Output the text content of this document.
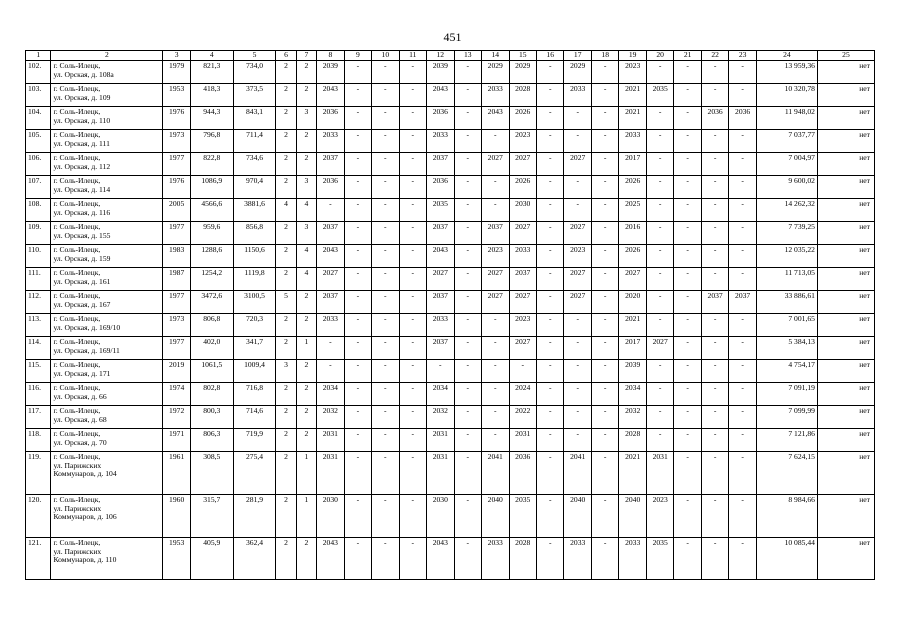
451
1	2	3	4	5	6	7	8	9	10	11	12	13	14	15	16	17	18	19	20	21	22	23	24	25
102.	г. Соль-Илецк,
ул. Орская, д. 108а	1979	821,3	734,0	2	2	2039	-	-	-	2039	-	2029	2029	-	2029	-	2023	-	-	-	-	13 959,36	нет
103.	г. Соль-Илецк,
ул. Орская, д. 109	1953	418,3	373,5	2	2	2043	-	-	-	2043	-	2033	2028	-	2033	-	2021	2035	-	-	-	10 320,78	нет
104.	г. Соль-Илецк,
ул. Орская, д. 110	1976	944,3	843,1	2	3	2036	-	-	-	2036	-	2043	2026	-	-	-	2021	-	-	2036	2036	11 948,02	нет
105.	г. Соль-Илецк,
ул. Орская, д. 111	1973	796,8	711,4	2	2	2033	-	-	-	2033	-	-	2023	-	-	-	2033	-	-	-	-	7 037,77	нет
106.	г. Соль-Илецк,
ул. Орская, д. 112	1977	822,8	734,6	2	2	2037	-	-	-	2037	-	2027	2027	-	2027	-	2017	-	-	-	-	7 004,97	нет
107.	г. Соль-Илецк,
ул. Орская, д. 114	1976	1086,9	970,4	2	3	2036	-	-	-	2036	-	-	2026	-	-	-	2026	-	-	-	-	9 600,02	нет
108.	г. Соль-Илецк,
ул. Орская, д. 116	2005	4566,6	3881,6	4	4	-	-	-	-	2035	-	-	2030	-	-	-	2025	-	-	-	-	14 262,32	нет
109.	г. Соль-Илецк,
ул. Орская, д. 155	1977	959,6	856,8	2	3	2037	-	-	-	2037	-	2037	2027	-	2027	-	2016	-	-	-	-	7 739,25	нет
110.	г. Соль-Илецк,
ул. Орская, д. 159	1983	1288,6	1150,6	2	4	2043	-	-	-	2043	-	2023	2033	-	2023	-	2026	-	-	-	-	12 035,22	нет
111.	г. Соль-Илецк,
ул. Орская, д. 161	1987	1254,2	1119,8	2	4	2027	-	-	-	2027	-	2027	2037	-	2027	-	2027	-	-	-	-	11 713,05	нет
112.	г. Соль-Илецк,
ул. Орская, д. 167	1977	3472,6	3100,5	5	2	2037	-	-	-	2037	-	2027	2027	-	2027	-	2020	-	-	2037	2037	33 886,61	нет
113.	г. Соль-Илецк,
ул. Орская, д. 169/10	1973	806,8	720,3	2	2	2033	-	-	-	2033	-	-	2023	-	-	-	2021	-	-	-	-	7 001,65	нет
114.	г. Соль-Илецк,
ул. Орская, д. 169/11	1977	402,0	341,7	2	1	-	-	-	-	2037	-	-	2027	-	-	-	2017	2027	-	-	-	5 384,13	нет
115.	г. Соль-Илецк,
ул. Орская, д. 171	2019	1061,5	1009,4	3	2	-	-	-	-	-	-	-	-	-	-	-	2039	-	-	-	-	4 754,17	нет
116.	г. Соль-Илецк,
ул. Орская, д. 66	1974	802,8	716,8	2	2	2034	-	-	-	2034	-	-	2024	-	-	-	2034	-	-	-	-	7 091,19	нет
117.	г. Соль-Илецк,
ул. Орская, д. 68	1972	800,3	714,6	2	2	2032	-	-	-	2032	-	-	2022	-	-	-	2032	-	-	-	-	7 099,99	нет
118.	г. Соль-Илецк,
ул. Орская, д. 70	1971	806,3	719,9	2	2	2031	-	-	-	2031	-	-	2031	-	-	-	2028	-	-	-	-	7 121,86	нет
119.	г. Соль-Илецк,
ул. Парижских
Коммунаров, д. 104	1961	308,5	275,4	2	1	2031	-	-	-	2031	-	2041	2036	-	2041	-	2021	2031	-	-	-	7 624,15	нет
120.	г. Соль-Илецк,
ул. Парижских
Коммунаров, д. 106	1960	315,7	281,9	2	1	2030	-	-	-	2030	-	2040	2035	-	2040	-	2040	2023	-	-	-	8 984,66	нет
121.	г. Соль-Илецк,
ул. Парижских
Коммунаров, д. 110	1953	405,9	362,4	2	2	2043	-	-	-	2043	-	2033	2028	-	2033	-	2033	2035	-	-	-	10 085,44	нет
